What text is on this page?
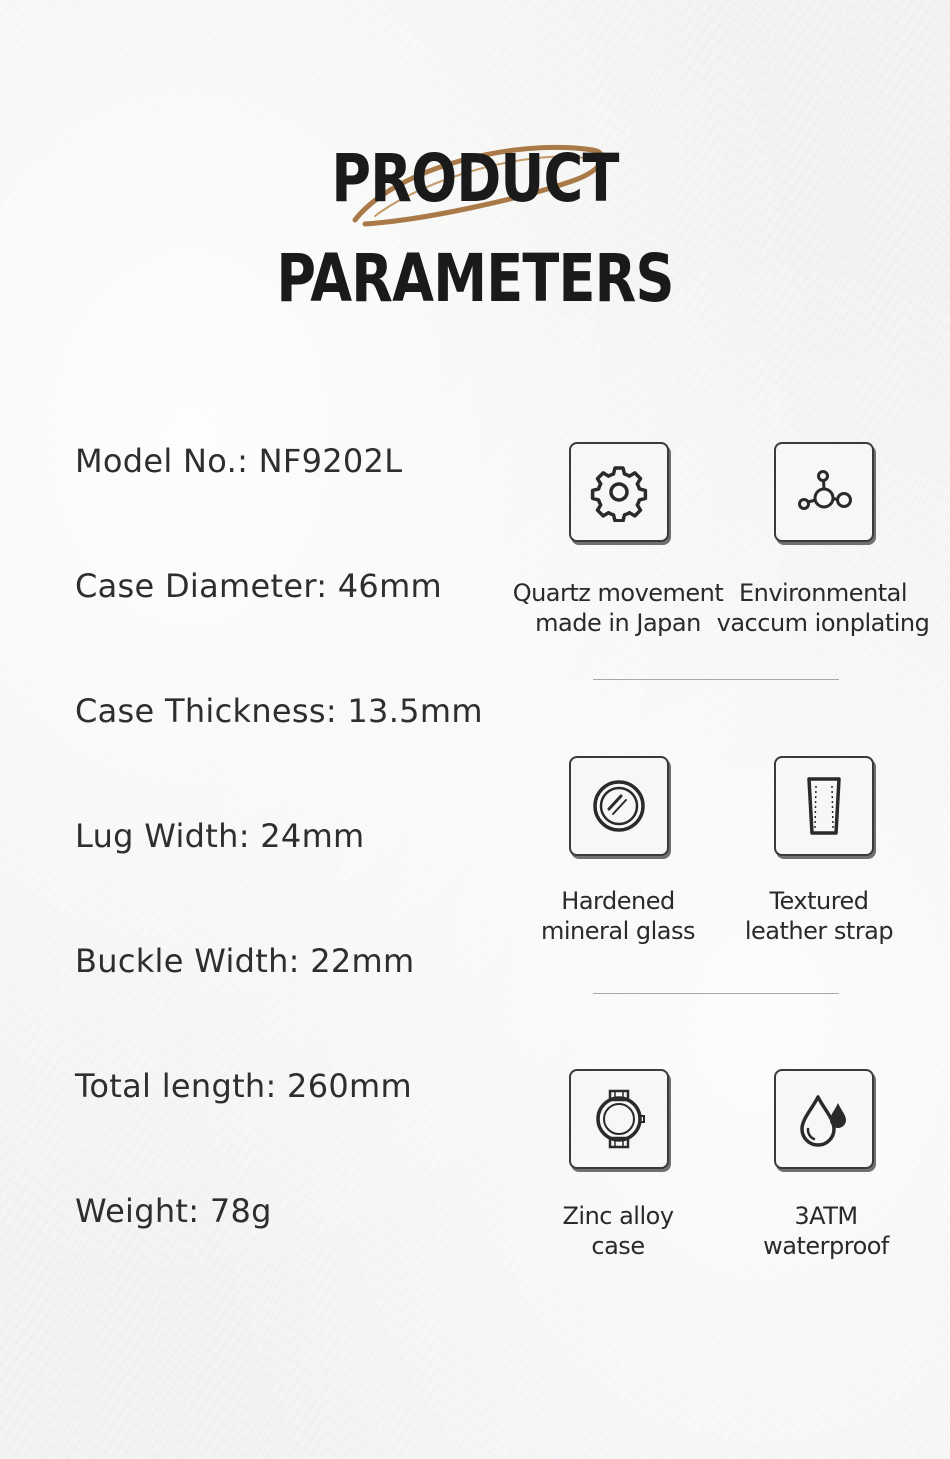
PRODUCT
PARAMETERS
Model No.: NF9202L
Case Diameter: 46mm
Case Thickness: 13.5mm
Lug Width: 24mm
Buckle Width: 22mm
Total length: 260mm
Weight: 78g
Quartz movement
made in Japan
Environmental
vaccum ionplating
Hardened
mineral glass
Textured
leather strap
Zinc alloy
case
3ATM
waterproof
